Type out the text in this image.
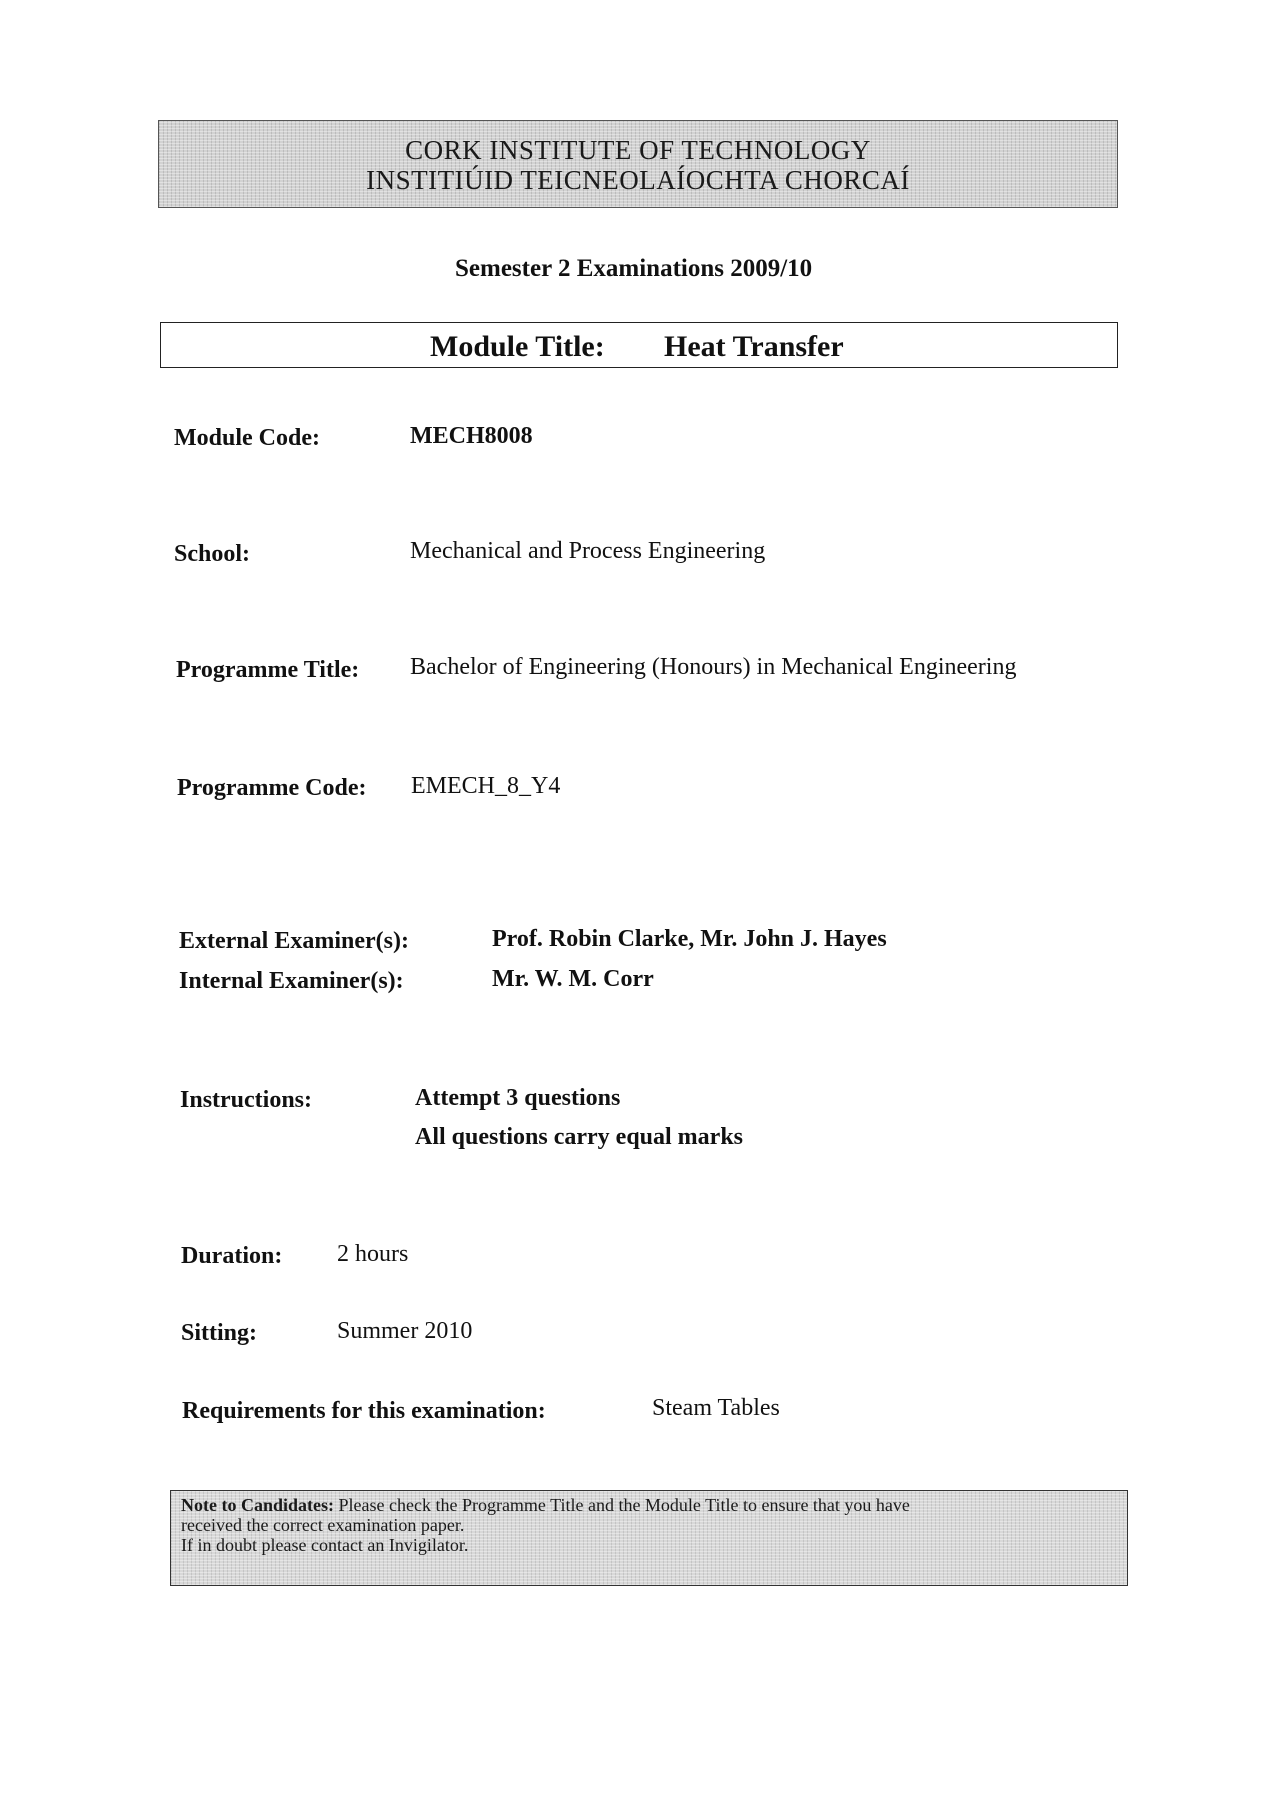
CORK INSTITUTE OF TECHNOLOGY
INSTITIÚID TEICNEOLAÍOCHTA CHORCAÍ
Semester 2 Examinations 2009/10
Module Title: Heat Transfer
Module Code:	MECH8008
School:	Mechanical and Process Engineering
Programme Title: Bachelor of Engineering (Honours) in Mechanical Engineering
Programme Code: EMECH_8_Y4
External Examiner(s):	Prof. Robin Clarke, Mr. John J. Hayes
Internal Examiner(s):	Mr. W. M. Corr
Instructions:	Attempt 3 questions
All questions carry equal marks
Duration: 2 hours
Sitting:	Summer 2010
Requirements for this examination:	Steam Tables
Note to Candidates: Please check the Programme Title and the Module Title to ensure that you have
received the correct examination paper.
If in doubt please contact an Invigilator.
